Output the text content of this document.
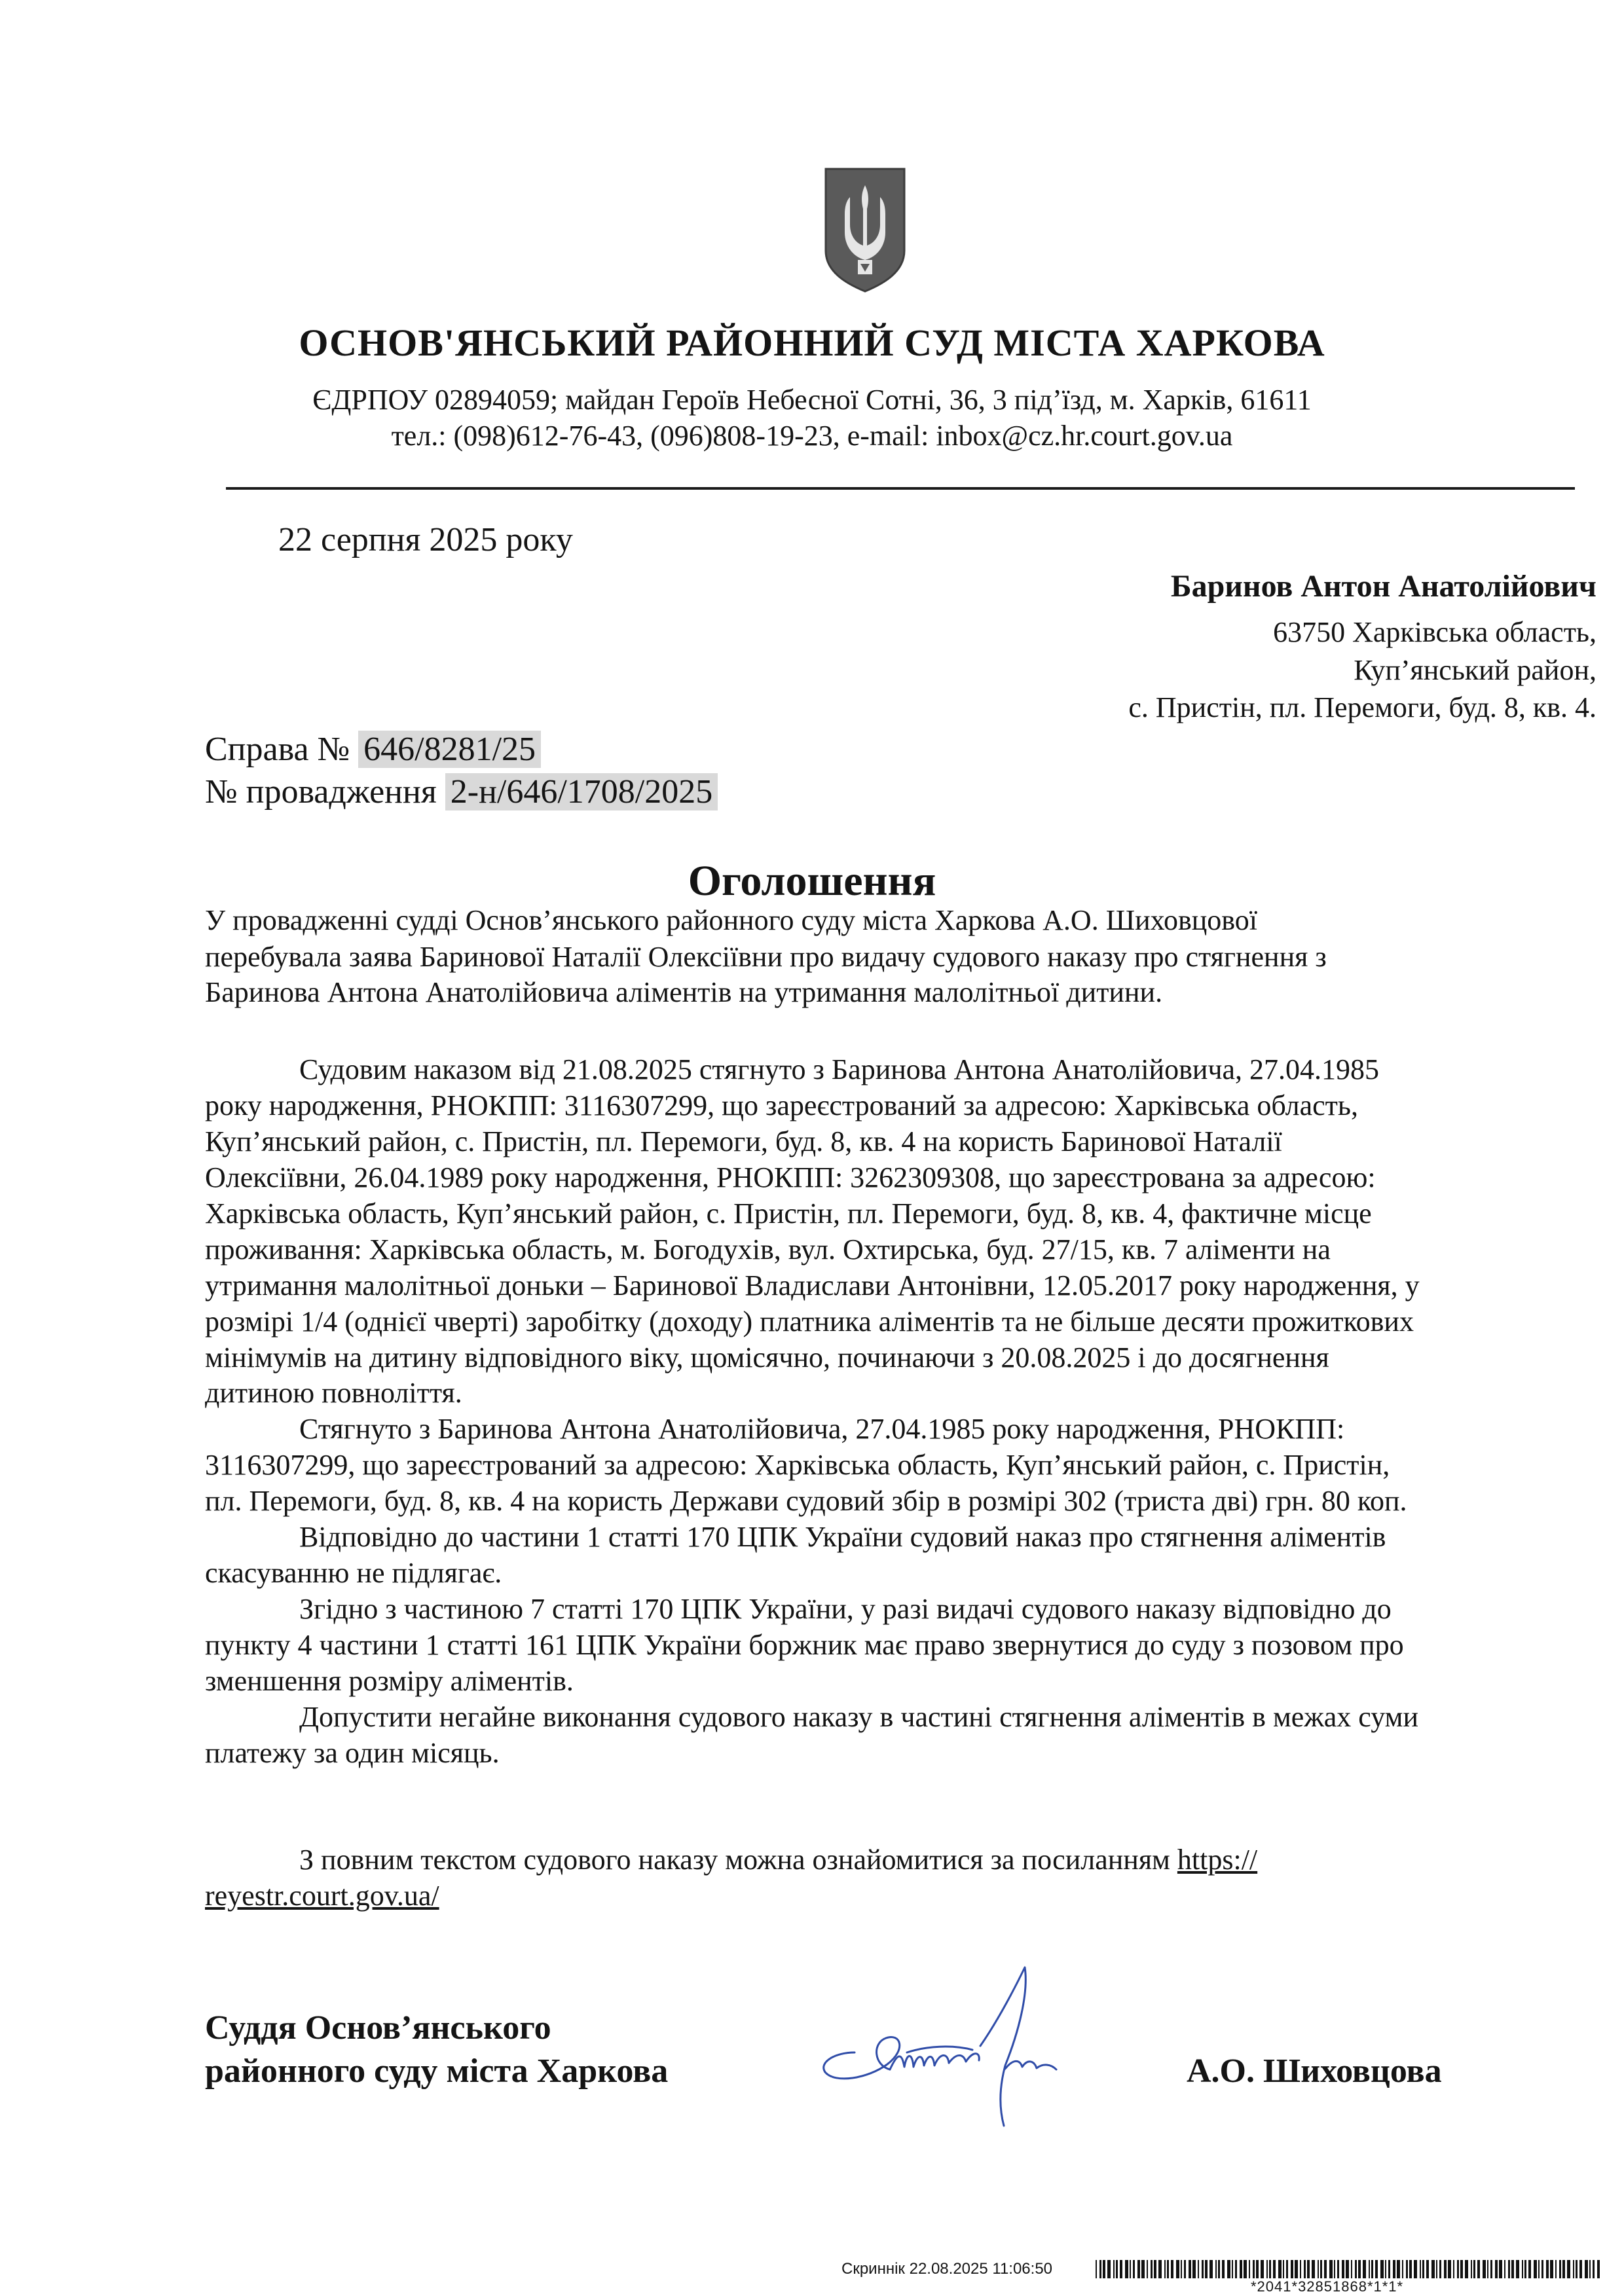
ОСНОВ'ЯНСЬКИЙ РАЙОННИЙ СУД МІСТА ХАРКОВА
ЄДРПОУ 02894059; майдан Героїв Небесної Сотні, 36, 3 під’їзд, м. Харків, 61611
тел.: (098)612-76-43, (096)808-19-23, e-mail: inbox@cz.hr.court.gov.ua
22 серпня 2025 року
Баринов Антон Анатолійович
63750 Харківська область,
Куп’янський район,
с. Пристін, пл. Перемоги, буд. 8, кв. 4.
Справа № 646/8281/25
№ провадження 2-н/646/1708/2025
Оголошення
У провадженні судді Основ’янського районного суду міста Харкова А.О. Шиховцової
перебувала заява Баринової Наталії Олексіївни про видачу судового наказу про стягнення з
Баринова Антона Анатолійовича аліментів на утримання малолітньої дитини.
Судовим наказом від 21.08.2025 стягнуто з Баринова Антона Анатолійовича, 27.04.1985
року народження, РНОКПП: 3116307299, що зареєстрований за адресою: Харківська область,
Куп’янський район, с. Пристін, пл. Перемоги, буд. 8, кв. 4 на користь Баринової Наталії
Олексіївни, 26.04.1989 року народження, РНОКПП: 3262309308, що зареєстрована за адресою:
Харківська область, Куп’янський район, с. Пристін, пл. Перемоги, буд. 8, кв. 4, фактичне місце
проживання: Харківська область, м. Богодухів, вул. Охтирська, буд. 27/15, кв. 7 аліменти на
утримання малолітньої доньки – Баринової Владислави Антонівни, 12.05.2017 року народження, у
розмірі 1/4 (однієї чверті) заробітку (доходу) платника аліментів та не більше десяти прожиткових
мінімумів на дитину відповідного віку, щомісячно, починаючи з 20.08.2025 і до досягнення
дитиною повноліття.
Стягнуто з Баринова Антона Анатолійовича, 27.04.1985 року народження, РНОКПП:
3116307299, що зареєстрований за адресою: Харківська область, Куп’янський район, с. Пристін,
пл. Перемоги, буд. 8, кв. 4 на користь Держави судовий збір в розмірі 302 (триста дві) грн. 80 коп.
Відповідно до частини 1 статті 170 ЦПК України судовий наказ про стягнення аліментів
скасуванню не підлягає.
Згідно з частиною 7 статті 170 ЦПК України, у разі видачі судового наказу відповідно до
пункту 4 частини 1 статті 161 ЦПК України боржник має право звернутися до суду з позовом про
зменшення розміру аліментів.
Допустити негайне виконання судового наказу в частині стягнення аліментів в межах суми
платежу за один місяць.
З повним текстом судового наказу можна ознайомитися за посиланням https://
reyestr.court.gov.ua/
Суддя Основ’янського
районного суду міста Харкова	А.О. Шиховцова
Скриннік 22.08.2025 11:06:50
*2041*32851868*1*1*
